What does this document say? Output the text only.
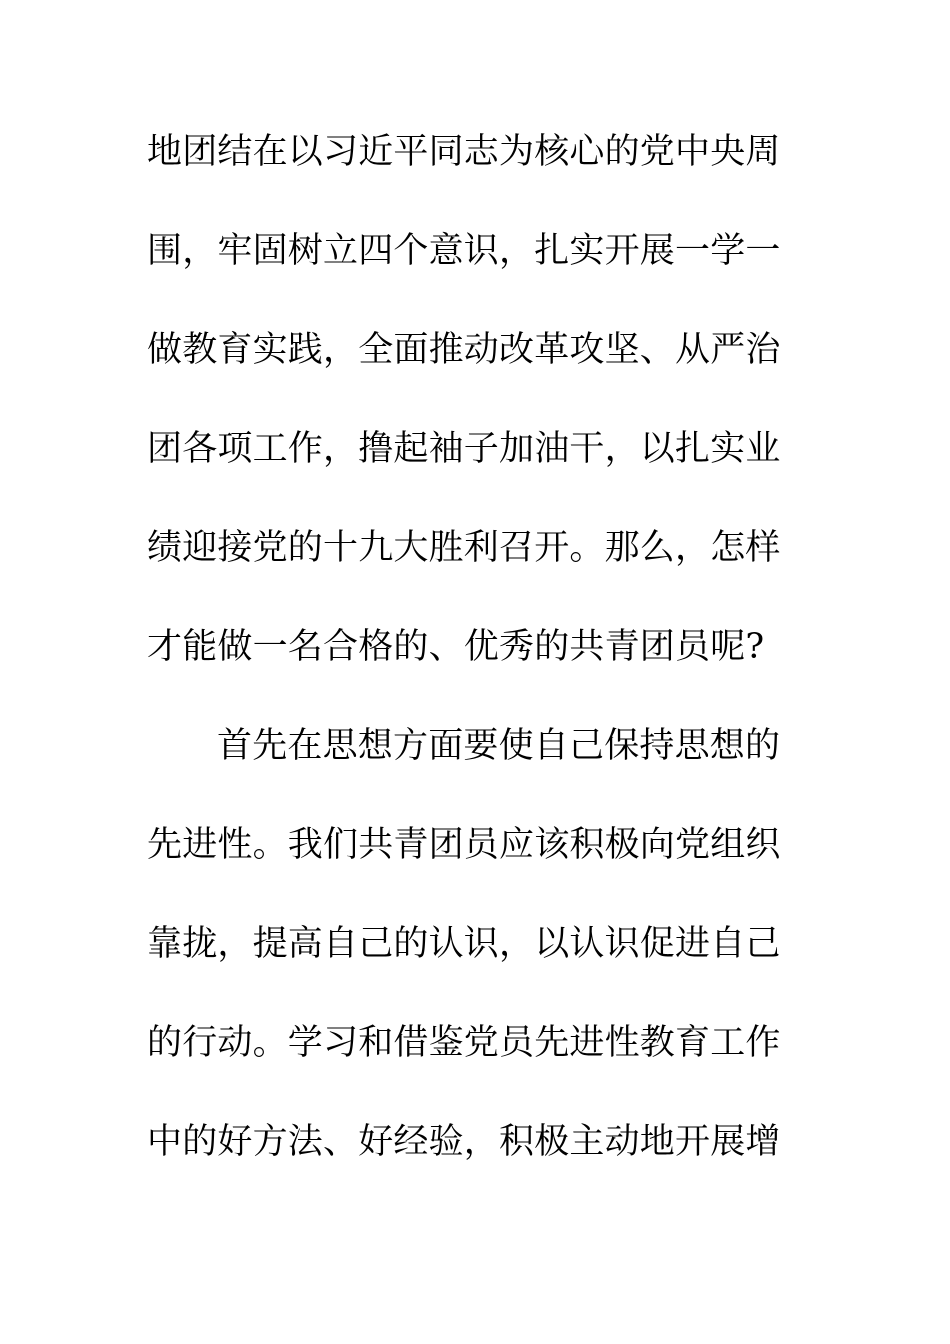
地团结在以习近平同志为核心的党中央周
围，牢固树立四个意识，扎实开展一学一
做教育实践，全面推动改革攻坚、从严治
团各项工作，撸起袖子加油干，以扎实业
绩迎接党的十九大胜利召开。那么，怎样
才能做一名合格的、优秀的共青团员呢?
首先在思想方面要使自己保持思想的
先进性。我们共青团员应该积极向党组织
靠拢，提高自己的认识，以认识促进自己
的行动。学习和借鉴党员先进性教育工作
中的好方法、好经验，积极主动地开展增
